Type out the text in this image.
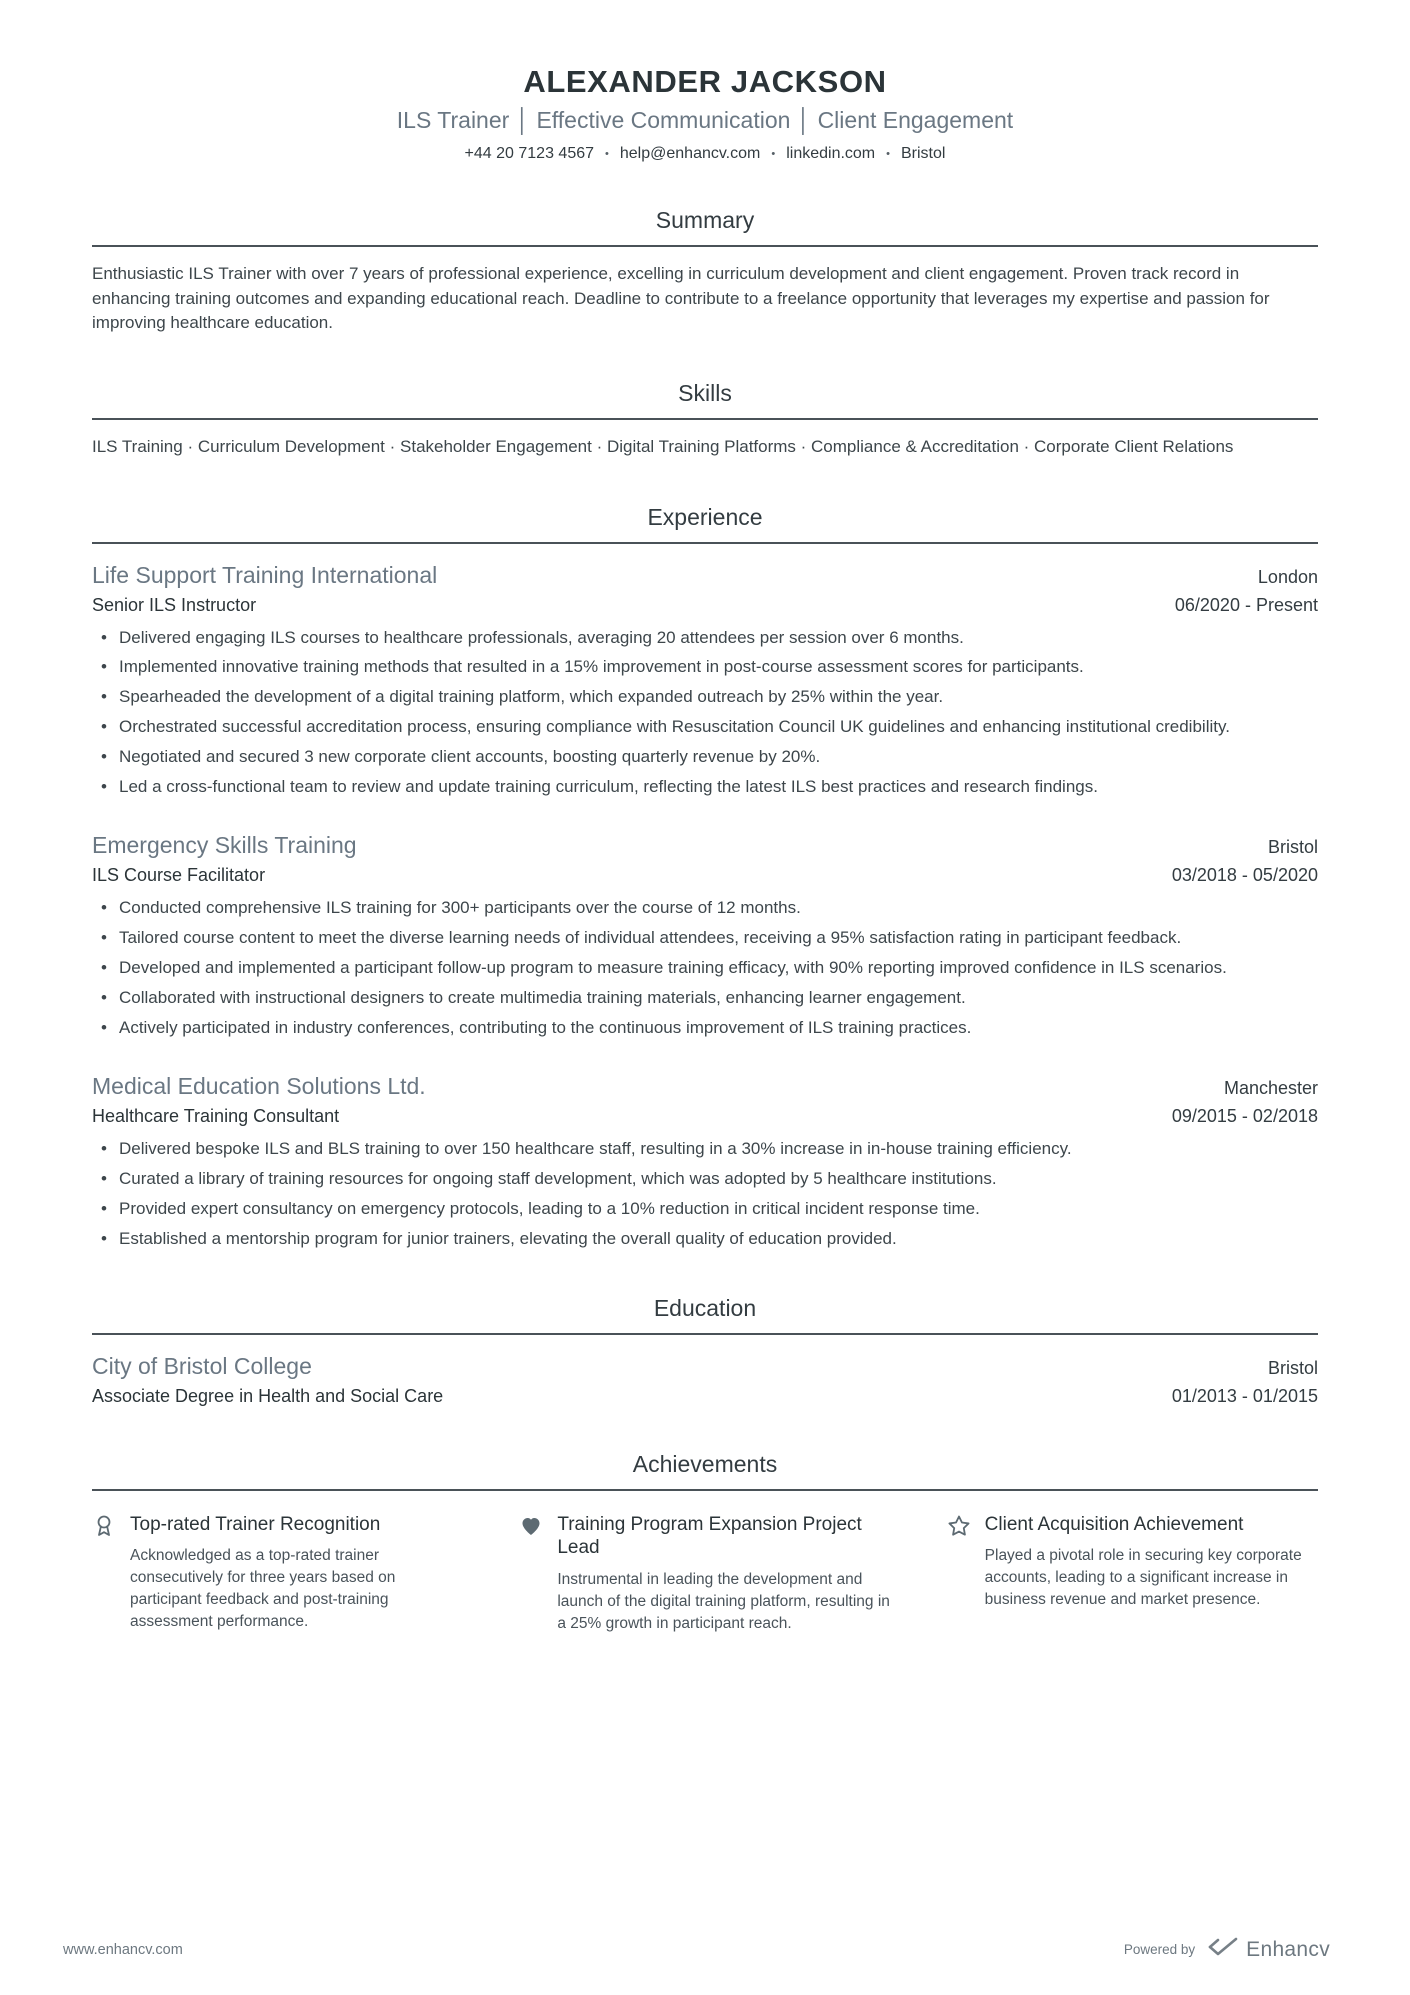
ALEXANDER JACKSON
ILS Trainer │ Effective Communication │ Client Engagement
+44 20 7123 4567 • help@enhancv.com • linkedin.com • Bristol
Summary

Enthusiastic ILS Trainer with over 7 years of professional experience, excelling in curriculum development and client engagement. Proven track record in enhancing training outcomes and expanding educational reach. Deadline to contribute to a freelance opportunity that leverages my expertise and passion for improving healthcare education.

Skills

ILS Training · Curriculum Development · Stakeholder Engagement · Digital Training Platforms · Compliance & Accreditation · Corporate Client Relations

Experience
Life Support Training International	London
Senior ILS Instructor	06/2020 - Present
• Delivered engaging ILS courses to healthcare professionals, averaging 20 attendees per session over 6 months.
• Implemented innovative training methods that resulted in a 15% improvement in post-course assessment scores for participants.
• Spearheaded the development of a digital training platform, which expanded outreach by 25% within the year.
• Orchestrated successful accreditation process, ensuring compliance with Resuscitation Council UK guidelines and enhancing institutional credibility.
• Negotiated and secured 3 new corporate client accounts, boosting quarterly revenue by 20%.
• Led a cross-functional team to review and update training curriculum, reflecting the latest ILS best practices and research findings.
Emergency Skills Training	Bristol
ILS Course Facilitator	03/2018 - 05/2020
• Conducted comprehensive ILS training for 300+ participants over the course of 12 months.
• Tailored course content to meet the diverse learning needs of individual attendees, receiving a 95% satisfaction rating in participant feedback.
• Developed and implemented a participant follow-up program to measure training efficacy, with 90% reporting improved confidence in ILS scenarios.
• Collaborated with instructional designers to create multimedia training materials, enhancing learner engagement.
• Actively participated in industry conferences, contributing to the continuous improvement of ILS training practices.
Medical Education Solutions Ltd.	Manchester
Healthcare Training Consultant	09/2015 - 02/2018
• Delivered bespoke ILS and BLS training to over 150 healthcare staff, resulting in a 30% increase in in-house training efficiency.
• Curated a library of training resources for ongoing staff development, which was adopted by 5 healthcare institutions.
• Provided expert consultancy on emergency protocols, leading to a 10% reduction in critical incident response time.
• Established a mentorship program for junior trainers, elevating the overall quality of education provided.
Education
City of Bristol College	Bristol
Associate Degree in Health and Social Care	01/2013 - 01/2015
Achievements
Top-rated Trainer Recognition
Acknowledged as a top-rated trainer consecutively for three years based on participant feedback and post-training assessment performance.
Training Program Expansion Project Lead
Instrumental in leading the development and launch of the digital training platform, resulting in a 25% growth in participant reach.
Client Acquisition Achievement
Played a pivotal role in securing key corporate accounts, leading to a significant increase in business revenue and market presence.
www.enhancv.com	Powered by Enhancv
